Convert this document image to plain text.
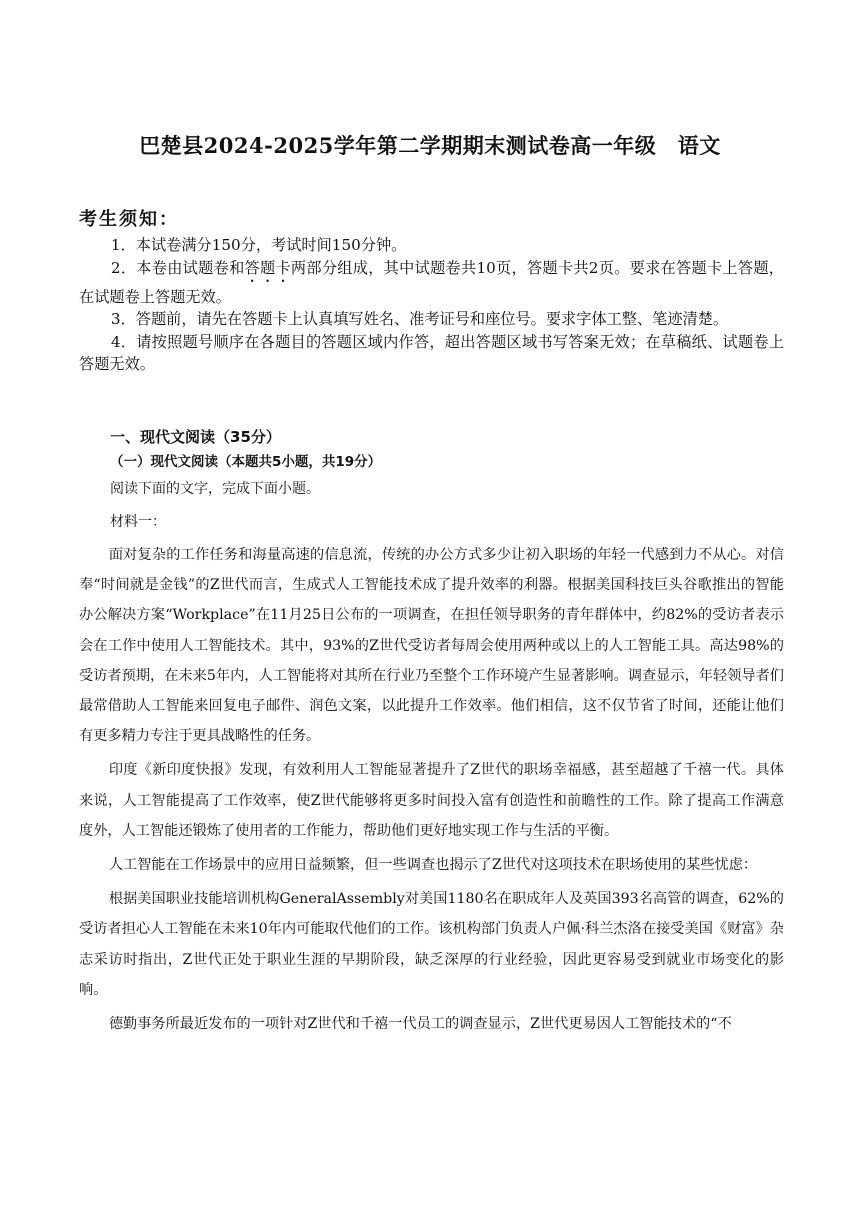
巴楚县2024-2025学年第二学期期末测试卷高一年级　语文
考生须知：

1．本试卷满分150分，考试时间150分钟。

2．本卷由试题卷和答题卡两部分组成，其中试题卷共10页，答题卡共2页。要求在答题卡上答题，在试题卷上答题无效。

3．答题前，请先在答题卡上认真填写姓名、准考证号和座位号。要求字体工整、笔迹清楚。

4．请按照题号顺序在各题目的答题区域内作答，超出答题区域书写答案无效；在草稿纸、试题卷上答题无效。

一、现代文阅读（35分）
（一）现代文阅读（本题共5小题，共19分）
阅读下面的文字，完成下面小题。
材料一：

面对复杂的工作任务和海量高速的信息流，传统的办公方式多少让初入职场的年轻一代感到力不从心。对信奉“时间就是金钱”的Z世代而言，生成式人工智能技术成了提升效率的利器。根据美国科技巨头谷歌推出的智能办公解决方案“Workplace”在11月25日公布的一项调查，在担任领导职务的青年群体中，约82%的受访者表示会在工作中使用人工智能技术。其中，93%的Z世代受访者每周会使用两种或以上的人工智能工具。高达98%的受访者预期，在未来5年内，人工智能将对其所在行业乃至整个工作环境产生显著影响。调查显示，年轻领导者们最常借助人工智能来回复电子邮件、润色文案，以此提升工作效率。他们相信，这不仅节省了时间，还能让他们有更多精力专注于更具战略性的任务。

印度《新印度快报》发现，有效利用人工智能显著提升了Z世代的职场幸福感，甚至超越了千禧一代。具体来说，人工智能提高了工作效率，使Z世代能够将更多时间投入富有创造性和前瞻性的工作。除了提高工作满意度外，人工智能还锻炼了使用者的工作能力，帮助他们更好地实现工作与生活的平衡。

人工智能在工作场景中的应用日益频繁，但一些调查也揭示了Z世代对这项技术在职场使用的某些忧虑：

根据美国职业技能培训机构GeneralAssembly对美国1180名在职成年人及英国393名高管的调查，62%的受访者担心人工智能在未来10年内可能取代他们的工作。该机构部门负责人户佩·科兰杰洛在接受美国《财富》杂志采访时指出，Z世代正处于职业生涯的早期阶段，缺乏深厚的行业经验，因此更容易受到就业市场变化的影响。

德勤事务所最近发布的一项针对Z世代和千禧一代员工的调查显示，Z世代更易因人工智能技术的“不
